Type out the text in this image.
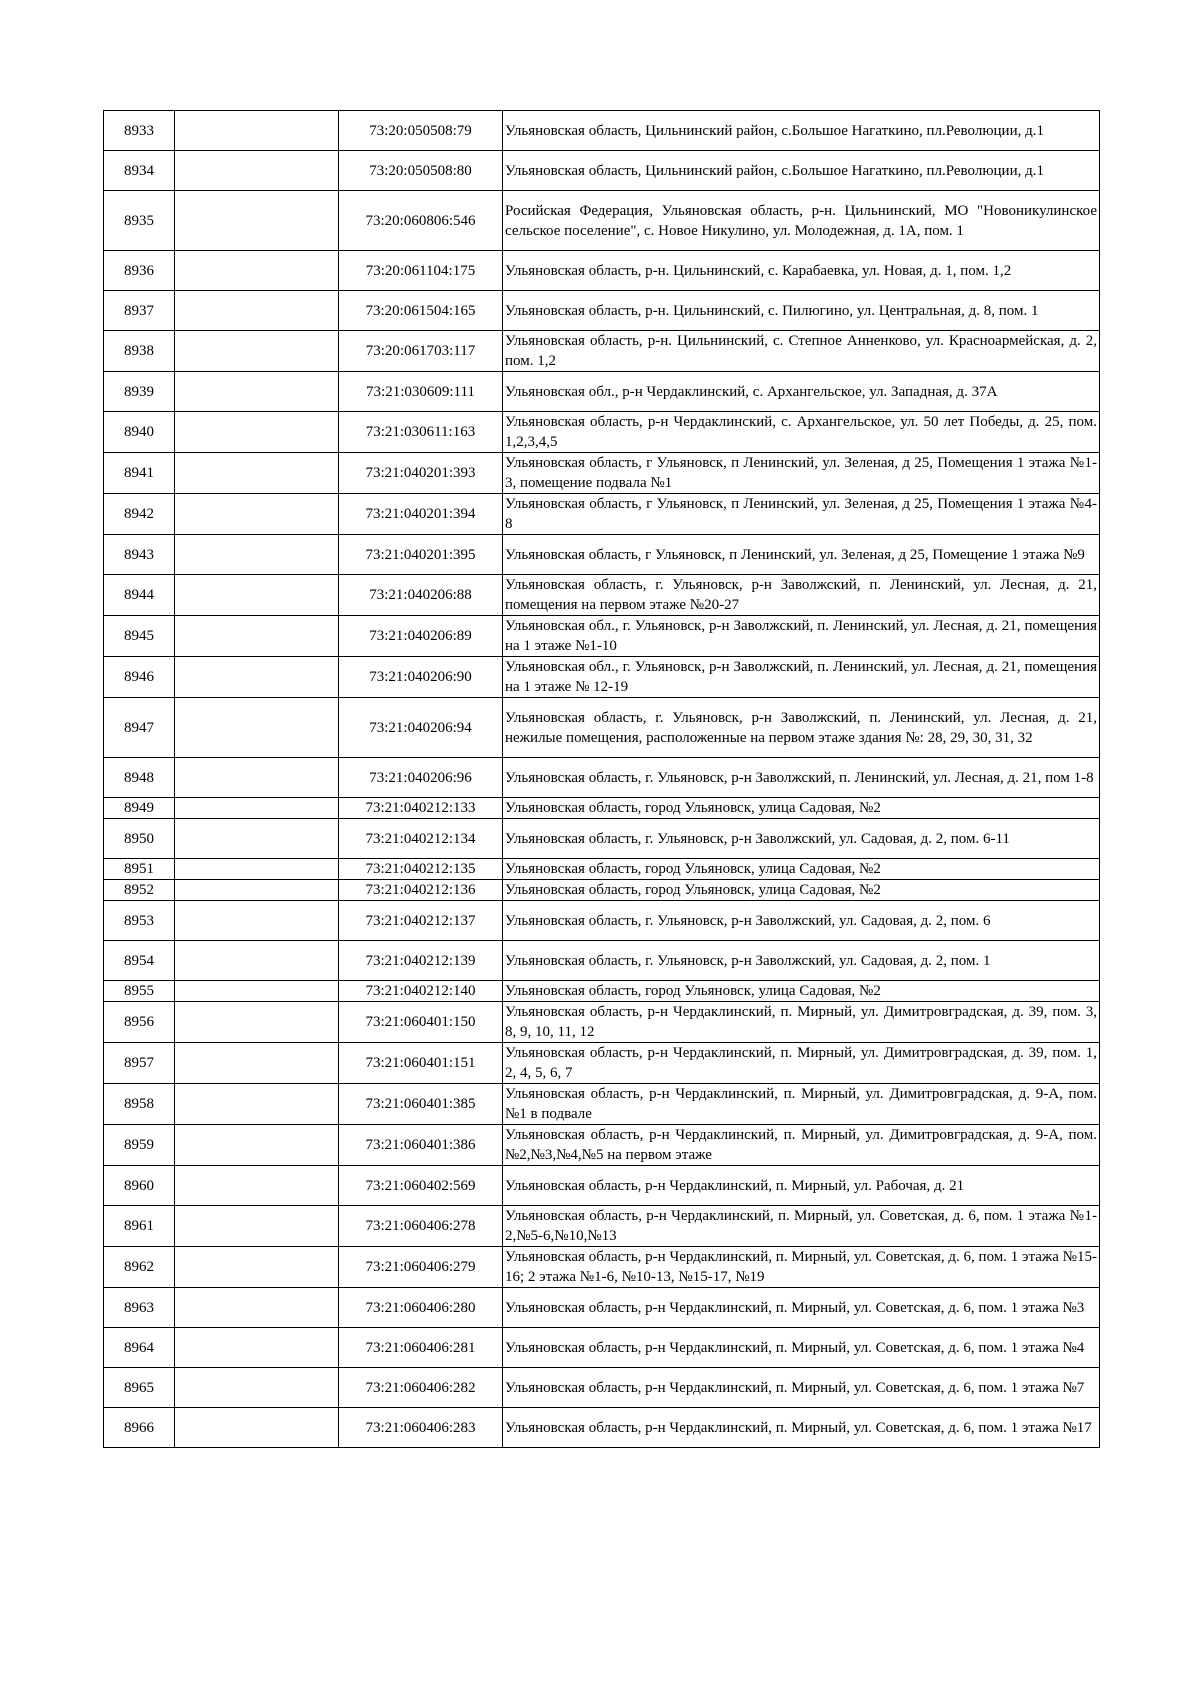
8933		73:20:050508:79	Ульяновская область, Цильнинский район, с.Большое Нагаткино, пл.Революции, д.1
8934		73:20:050508:80	Ульяновская область, Цильнинский район, с.Большое Нагаткино, пл.Революции, д.1
8935		73:20:060806:546	Росийская Федерация, Ульяновская область, р-н. Цильнинский, МО "Новоникулинское сельское поселение", с. Новое Никулино, ул. Молодежная, д. 1А, пом. 1
8936		73:20:061104:175	Ульяновская область, р-н. Цильнинский, с. Карабаевка, ул. Новая, д. 1, пом. 1,2
8937		73:20:061504:165	Ульяновская область, р-н. Цильнинский, с. Пилюгино, ул. Центральная, д. 8, пом. 1
8938		73:20:061703:117	Ульяновская область, р-н. Цильнинский, с. Степное Анненково, ул. Красноармейская, д. 2, пом. 1,2
8939		73:21:030609:111	Ульяновская обл., р-н Чердаклинский, с. Архангельское, ул. Западная, д. 37А
8940		73:21:030611:163	Ульяновская область, р-н Чердаклинский, с. Архангельское, ул. 50 лет Победы, д. 25, пом. 1,2,3,4,5
8941		73:21:040201:393	Ульяновская область, г Ульяновск, п Ленинский, ул. Зеленая, д 25, Помещения 1 этажа №1-3, помещение подвала №1
8942		73:21:040201:394	Ульяновская область, г Ульяновск, п Ленинский, ул. Зеленая, д 25, Помещения 1 этажа №4-8
8943		73:21:040201:395	Ульяновская область, г Ульяновск, п Ленинский, ул. Зеленая, д 25, Помещение 1 этажа №9
8944		73:21:040206:88	Ульяновская область, г. Ульяновск, р-н Заволжский, п. Ленинский, ул. Лесная, д. 21, помещения на первом этаже №20-27
8945		73:21:040206:89	Ульяновская обл., г. Ульяновск, р-н Заволжский, п. Ленинский, ул. Лесная, д. 21, помещения на 1 этаже №1-10
8946		73:21:040206:90	Ульяновская обл., г. Ульяновск, р-н Заволжский, п. Ленинский, ул. Лесная, д. 21, помещения на 1 этаже № 12-19
8947		73:21:040206:94	Ульяновская область, г. Ульяновск, р-н Заволжский, п. Ленинский, ул. Лесная, д. 21, нежилые помещения, расположенные на первом этаже здания №: 28, 29, 30, 31, 32
8948		73:21:040206:96	Ульяновская область, г. Ульяновск, р-н Заволжский, п. Ленинский, ул. Лесная, д. 21, пом 1-8
8949		73:21:040212:133	Ульяновская область, город Ульяновск, улица Садовая, №2
8950		73:21:040212:134	Ульяновская область, г. Ульяновск, р-н Заволжский, ул. Садовая, д. 2, пом. 6-11
8951		73:21:040212:135	Ульяновская область, город Ульяновск, улица Садовая, №2
8952		73:21:040212:136	Ульяновская область, город Ульяновск, улица Садовая, №2
8953		73:21:040212:137	Ульяновская область, г. Ульяновск, р-н Заволжский, ул. Садовая, д. 2, пом. 6
8954		73:21:040212:139	Ульяновская область, г. Ульяновск, р-н Заволжский, ул. Садовая, д. 2, пом. 1
8955		73:21:040212:140	Ульяновская область, город Ульяновск, улица Садовая, №2
8956		73:21:060401:150	Ульяновская область, р-н Чердаклинский, п. Мирный, ул. Димитровградская, д. 39, пом. 3, 8, 9, 10, 11, 12
8957		73:21:060401:151	Ульяновская область, р-н Чердаклинский, п. Мирный, ул. Димитровградская, д. 39, пом. 1, 2, 4, 5, 6, 7
8958		73:21:060401:385	Ульяновская область, р-н Чердаклинский, п. Мирный, ул. Димитровградская, д. 9-А, пом. №1 в подвале
8959		73:21:060401:386	Ульяновская область, р-н Чердаклинский, п. Мирный, ул. Димитровградская, д. 9-А, пом. №2,№3,№4,№5 на первом этаже
8960		73:21:060402:569	Ульяновская область, р-н Чердаклинский, п. Мирный, ул. Рабочая, д. 21
8961		73:21:060406:278	Ульяновская область, р-н Чердаклинский, п. Мирный, ул. Советская, д. 6, пом. 1 этажа №1-2,№5-6,№10,№13
8962		73:21:060406:279	Ульяновская область, р-н Чердаклинский, п. Мирный, ул. Советская, д. 6, пом. 1 этажа №15-16; 2 этажа №1-6, №10-13, №15-17, №19
8963		73:21:060406:280	Ульяновская область, р-н Чердаклинский, п. Мирный, ул. Советская, д. 6, пом. 1 этажа №3
8964		73:21:060406:281	Ульяновская область, р-н Чердаклинский, п. Мирный, ул. Советская, д. 6, пом. 1 этажа №4
8965		73:21:060406:282	Ульяновская область, р-н Чердаклинский, п. Мирный, ул. Советская, д. 6, пом. 1 этажа №7
8966		73:21:060406:283	Ульяновская область, р-н Чердаклинский, п. Мирный, ул. Советская, д. 6, пом. 1 этажа №17
